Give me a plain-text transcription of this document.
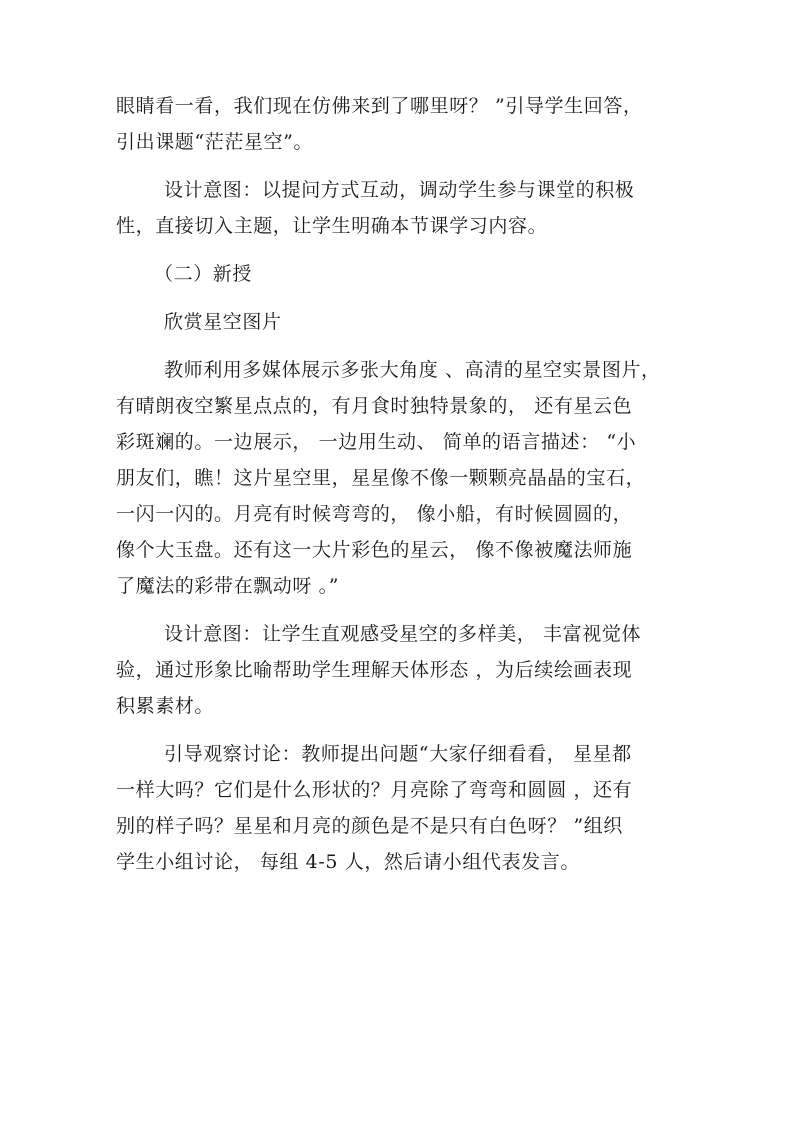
眼睛看一看，我们现在仿佛来到了哪里呀？ ”引导学生回答，
引出课题“茫茫星空”。
设计意图：以提问方式互动，调动学生参与课堂的积极
性，直接切入主题，让学生明确本节课学习内容。
（二）新授
欣赏星空图片
教师利用多媒体展示多张大角度 、高清的星空实景图片，
有晴朗夜空繁星点点的，有月食时独特景象的， 还有星云色
彩斑斓的。一边展示， 一边用生动、 简单的语言描述： “小
朋友们，瞧！这片星空里，星星像不像一颗颗亮晶晶的宝石，
一闪一闪的。月亮有时候弯弯的， 像小船，有时候圆圆的，
像个大玉盘。还有这一大片彩色的星云， 像不像被魔法师施
了魔法的彩带在飘动呀 。”
设计意图：让学生直观感受星空的多样美， 丰富视觉体
验，通过形象比喻帮助学生理解天体形态 ，为后续绘画表现
积累素材。
引导观察讨论：教师提出问题“大家仔细看看， 星星都
一样大吗？它们是什么形状的？月亮除了弯弯和圆圆 ，还有
别的样子吗？星星和月亮的颜色是不是只有白色呀？ ”组织
学生小组讨论， 每组 4-5 人，然后请小组代表发言。
